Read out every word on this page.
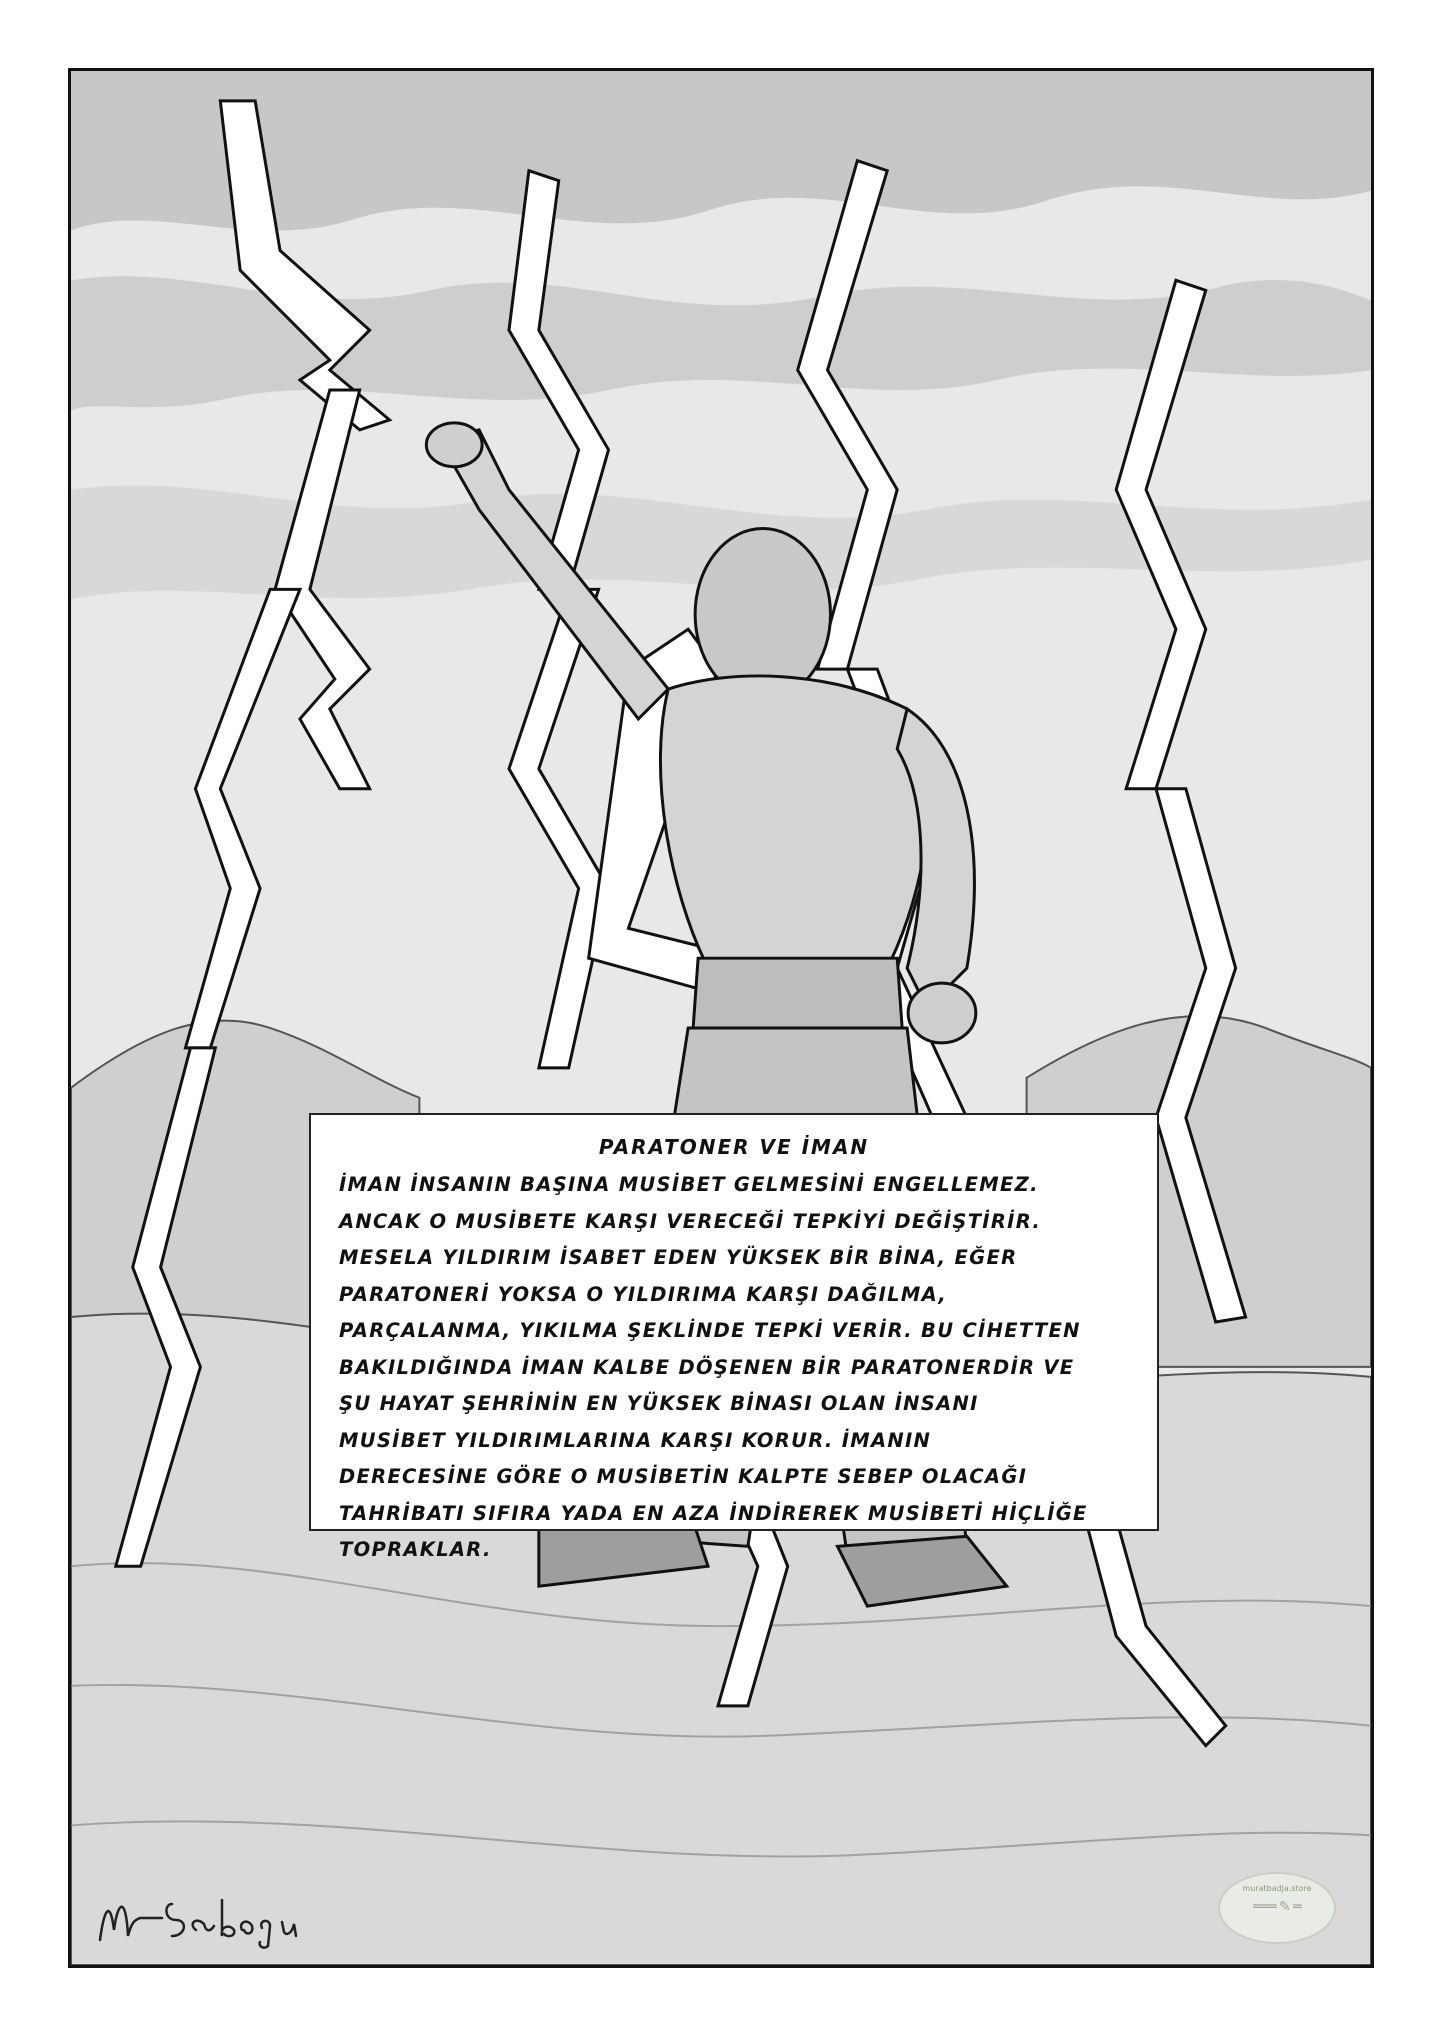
PARATONER VE İMAN
İMAN İNSANIN BAŞINA MUSİBET GELMESİNİ ENGELLEMEZ.
ANCAK O MUSİBETE KARŞI VERECEĞİ TEPKİYİ DEĞİŞTİRİR.
MESELA YILDIRIM İSABET EDEN YÜKSEK BİR BİNA, EĞER
PARATONERİ YOKSA O YILDIRIMA KARŞI DAĞILMA,
PARÇALANMA, YIKILMA ŞEKLİNDE TEPKİ VERİR. BU CİHETTEN
BAKILDIĞINDA İMAN KALBE DÖŞENEN BİR PARATONERDİR VE
ŞU HAYAT ŞEHRİNİN EN YÜKSEK BİNASI OLAN İNSANI
MUSİBET YILDIRIMLARINA KARŞI KORUR. İMANIN
DERECESİNE GÖRE O MUSİBETİN KALPTE SEBEP OLACAĞI
TAHRİBATI SIFIRA YADA EN AZA İNDİREREK MUSİBETİ HİÇLİĞE
TOPRAKLAR.
muratbadja.store
═══ ✎ ═
